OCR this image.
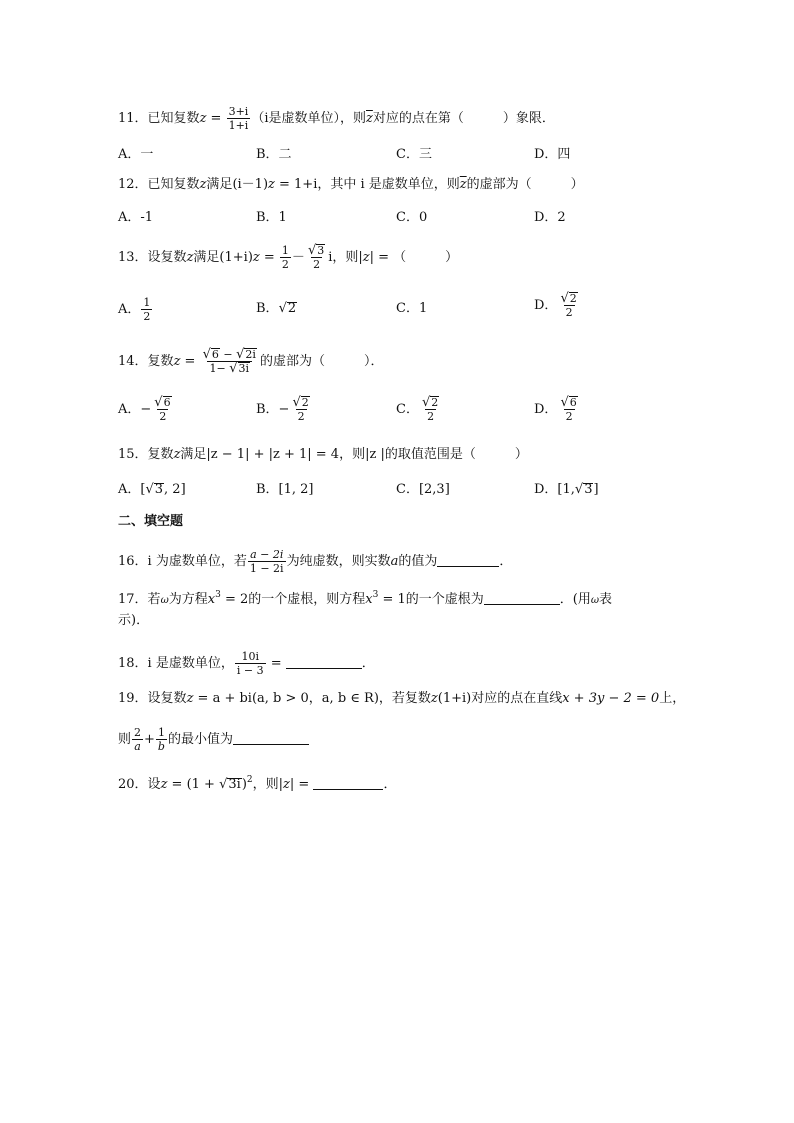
11．已知复数$z = \frac{3+i}{1+i} (i$是虚数单位），则$\overline{z}$对应的点在第（　　　）象限．
A．一	B．二	C．三	D．四
12．已知复数z满足(i－1)z = 1+i，其中 i 是虚数单位，则$\overline{z}$的虚部为（　　　）
A．-1	B．1	C．0	D．2
13．设复数z满足$(1+i)z = \frac{1}{2} - \frac{√ 3}{2}$ i，则|z| = （　　　）
A． $\frac{1}{2}$	B． √ 2	C．1	D． $\frac{√ 2}{2}$
14．复数$z = \frac{√ 6 - √ 2i}{1- √ 3i}$ 的虚部为（　　　）．
A．− $\frac{√ 6}{2}$	B．− $\frac{√ 2}{2}$	C． $\frac{√ 2}{2}$	D． $\frac{√ 6}{2}$
15．复数z满足|z − 1| + |z + 1| = 4，则|z |的取值范围是（　　　）
A．[ √ 3 , 2]	B．[1, 2]	C．[2,3]	D．[1, √ 3 ]
二、填空题
16．i 为虚数单位，若 $\frac{a - 2i}{1 - 2i}$ 为纯虚数，则实数a的值为	．
17．若ω为方程$x^3 = 2$的一个虚根，则方程$x^3 = 1$的一个虚根为	．(用ω表
示)．
18．i 是虚数单位， $\frac{10i}{i - 3}$ =	．
19．设复数z = a + bi(a, b > 0，a, b ∈ R)，若复数z(1+i)对应的点在直线x + 3y − 2 = 0上，
则 $\frac{2}{a} + \frac{1}{b}$ 的最小值为
20．设z = (1 + √ 3i )$^2$，则|z| =	．
